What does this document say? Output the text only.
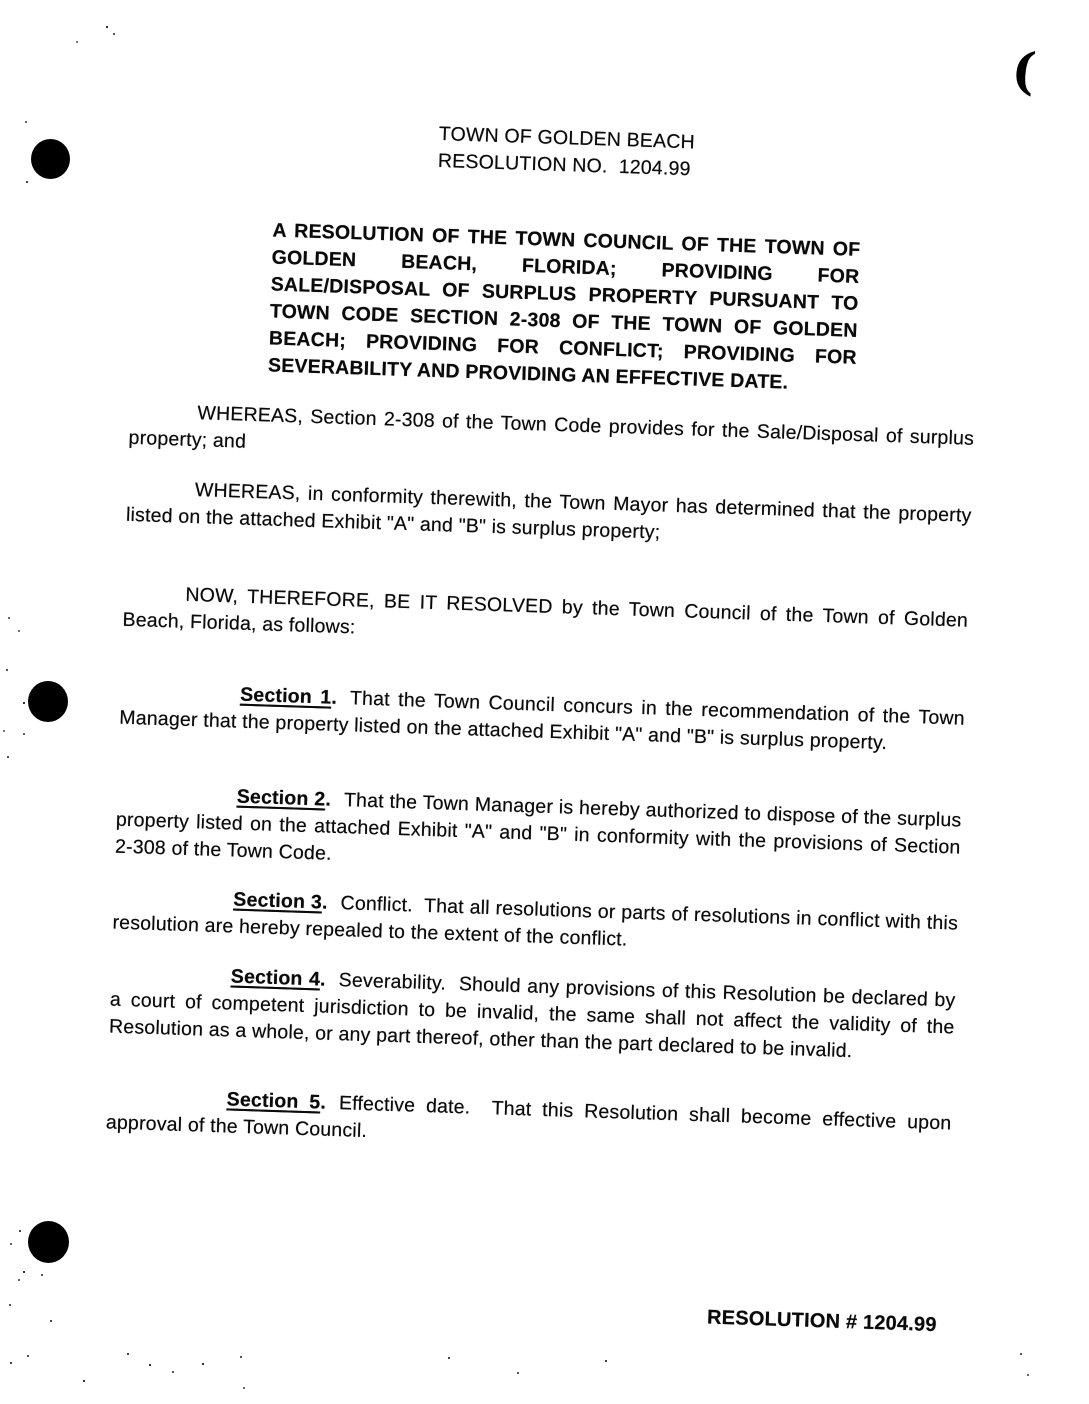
(
TOWN OF GOLDEN BEACH
RESOLUTION NO.  1204.99

A RESOLUTION OF THE TOWN COUNCIL OF THE TOWN OF GOLDEN BEACH, FLORIDA; PROVIDING FOR SALE/DISPOSAL OF SURPLUS PROPERTY PURSUANT TO TOWN CODE SECTION 2-308 OF THE TOWN OF GOLDEN BEACH; PROVIDING FOR CONFLICT; PROVIDING FOR SEVERABILITY AND PROVIDING AN EFFECTIVE DATE.

WHEREAS, Section 2-308 of the Town Code provides for the Sale/Disposal of surplus property; and

WHEREAS, in conformity therewith, the Town Mayor has determined that the property listed on the attached Exhibit "A" and "B" is surplus property;

NOW, THEREFORE, BE IT RESOLVED by the Town Council of the Town of Golden Beach, Florida, as follows:

Section 1. That the Town Council concurs in the recommendation of the Town Manager that the property listed on the attached Exhibit "A" and "B" is surplus property.

Section 2. That the Town Manager is hereby authorized to dispose of the surplus property listed on the attached Exhibit "A" and "B" in conformity with the provisions of Section 2-308 of the Town Code.

Section 3. Conflict.  That all resolutions or parts of resolutions in conflict with this resolution are hereby repealed to the extent of the conflict.

Section 4. Severability.  Should any provisions of this Resolution be declared by a court of competent jurisdiction to be invalid, the same shall not affect the validity of the Resolution as a whole, or any part thereof, other than the part declared to be invalid.

Section 5. Effective date.  That this Resolution shall become effective upon approval of the Town Council.

RESOLUTION # 1204.99
